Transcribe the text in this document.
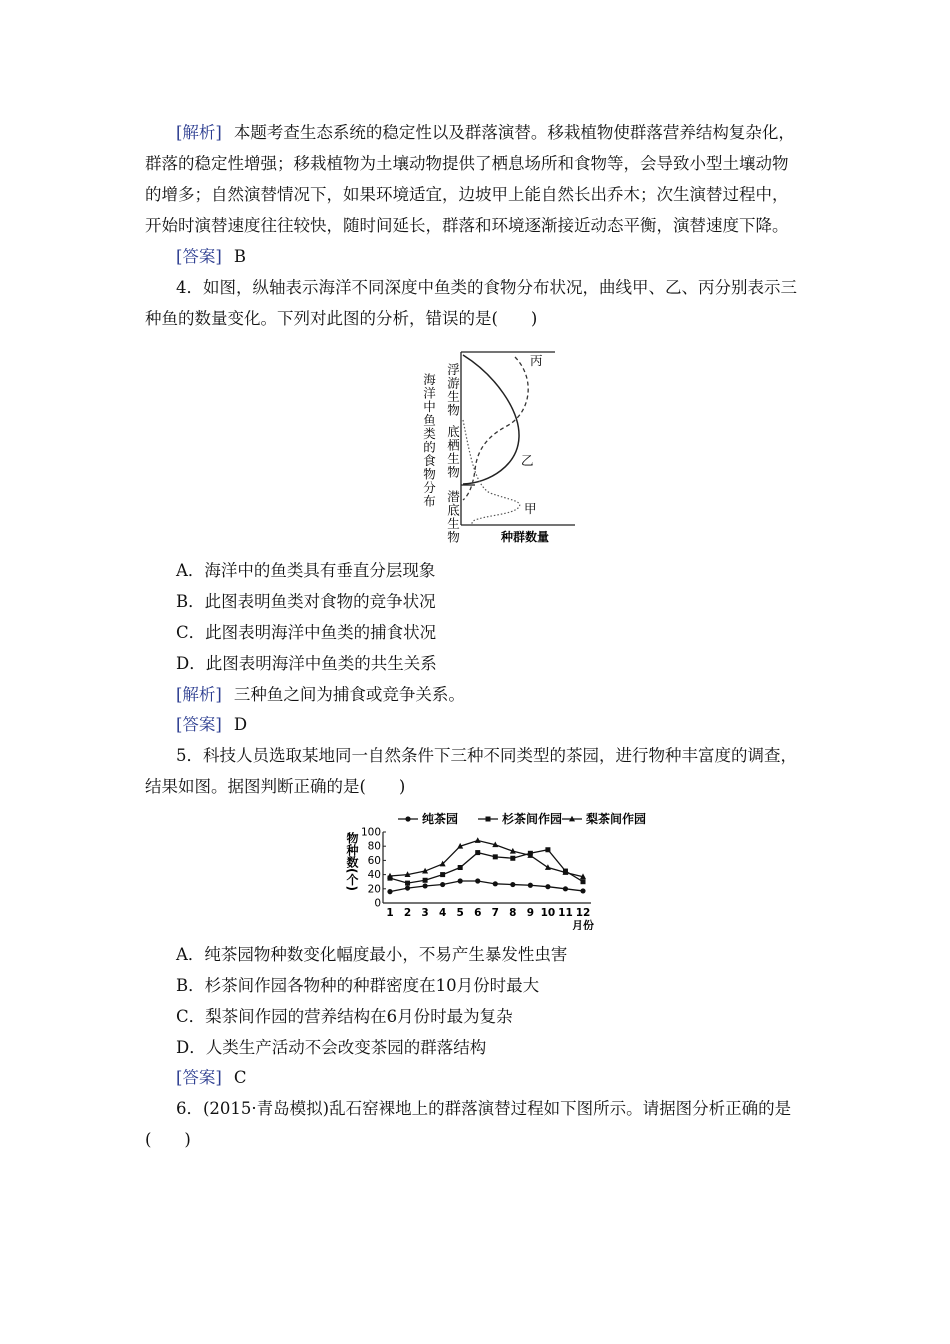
[解析] 本题考查生态系统的稳定性以及群落演替。移栽植物使群落营养结构复杂化，
群落的稳定性增强；移栽植物为土壤动物提供了栖息场所和食物等，会导致小型土壤动物
的增多；自然演替情况下，如果环境适宜，边坡甲上能自然长出乔木；次生演替过程中，
开始时演替速度往往较快，随时间延长，群落和环境逐渐接近动态平衡，演替速度下降。
[答案] B
4．如图，纵轴表示海洋不同深度中鱼类的食物分布状况，曲线甲、乙、丙分别表示三
种鱼的数量变化。下列对此图的分析，错误的是(　　)
海洋中鱼类的食物分布 浮游生物
底栖生物
潜底生物
丙
乙
甲
种群数量
A．海洋中的鱼类具有垂直分层现象
B．此图表明鱼类对食物的竞争状况
C．此图表明海洋中鱼类的捕食状况
D．此图表明海洋中鱼类的共生关系
[解析] 三种鱼之间为捕食或竞争关系。
[答案] D
5．科技人员选取某地同一自然条件下三种不同类型的茶园，进行物种丰富度的调查，
结果如图。据图判断正确的是(　　)
0
20
40
60
80
100
1 2 3 4 5 6 7 8 9 10 11 12
物种数(个)
月份
纯茶园	杉茶间作园 梨茶间作园
A．纯茶园物种数变化幅度最小，不易产生暴发性虫害
B．杉茶间作园各物种的种群密度在10月份时最大
C．梨茶间作园的营养结构在6月份时最为复杂
D．人类生产活动不会改变茶园的群落结构
[答案] C
6．(2015·青岛模拟)乱石窑裸地上的群落演替过程如下图所示。请据图分析正确的是
(　　)
